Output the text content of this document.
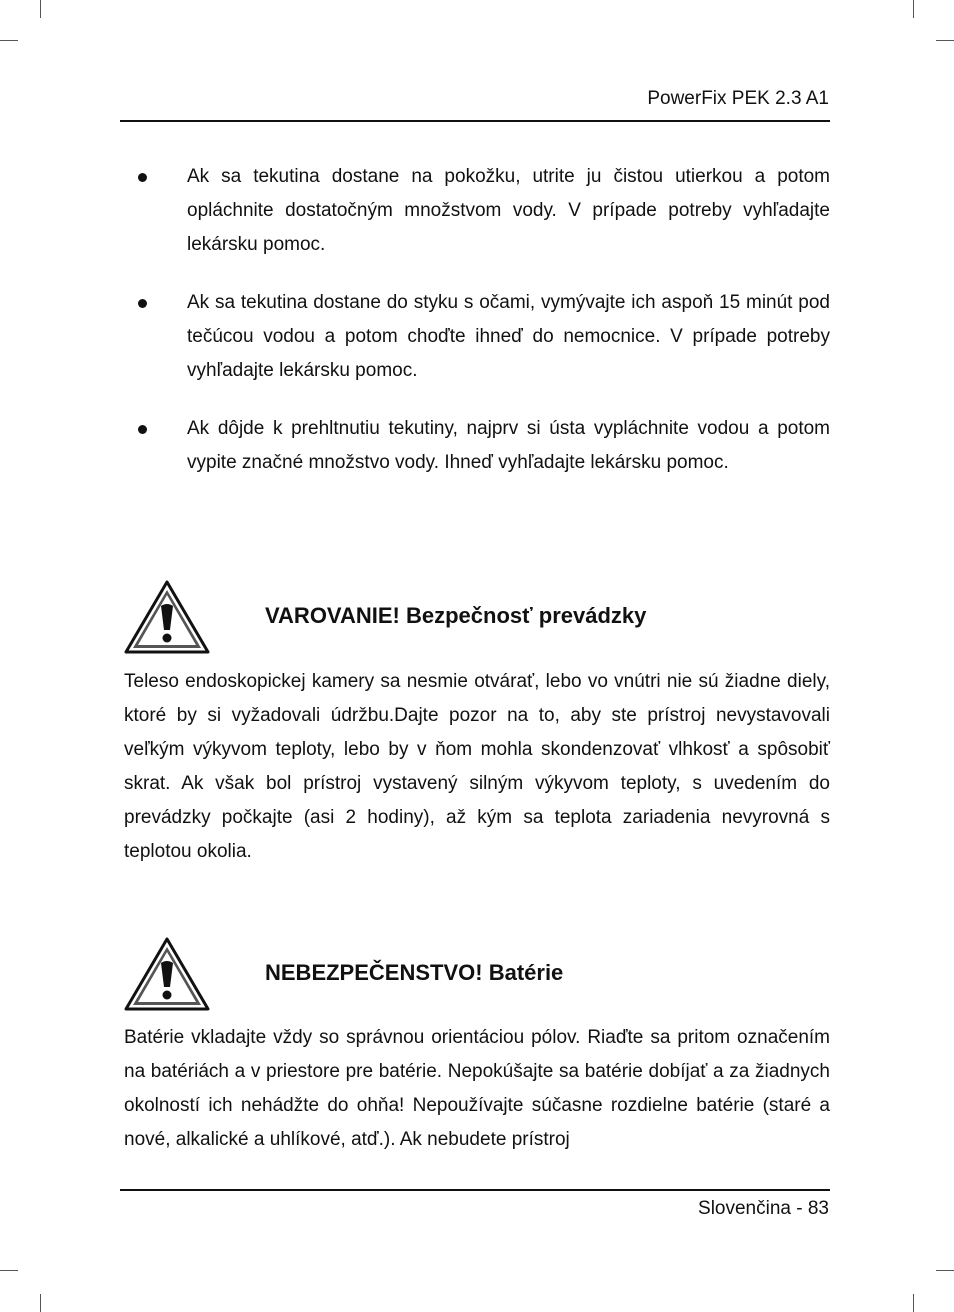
PowerFix PEK 2.3 A1
Ak sa tekutina dostane na pokožku, utrite ju čistou utierkou a potom opláchnite dostatočným množstvom vody. V prípade potreby vyhľadajte lekársku pomoc.
Ak sa tekutina dostane do styku s očami, vymývajte ich aspoň 15 minút pod tečúcou vodou a potom choďte ihneď do nemocnice. V prípade potreby vyhľadajte lekársku pomoc.
Ak dôjde k prehltnutiu tekutiny, najprv si ústa vypláchnite vodou a potom vypite značné množstvo vody. Ihneď vyhľadajte lekársku pomoc.
VAROVANIE! Bezpečnosť prevádzky
Teleso endoskopickej kamery sa nesmie otvárať, lebo vo vnútri nie sú žiadne diely, ktoré by si vyžadovali údržbu.Dajte pozor na to, aby ste prístroj nevystavovali veľkým výkyvom teploty, lebo by v ňom mohla skondenzovať vlhkosť a spôsobiť skrat. Ak však bol prístroj vystavený silným výkyvom teploty, s uvedením do prevádzky počkajte (asi 2 hodiny), až kým sa teplota zariadenia nevyrovná s teplotou okolia.
NEBEZPEČENSTVO! Batérie
Batérie vkladajte vždy so správnou orientáciou pólov. Riaďte sa pritom označením na batériách a v priestore pre batérie. Nepokúšajte sa batérie dobíjať a za žiadnych okolností ich nehádžte do ohňa! Nepoužívajte súčasne rozdielne batérie (staré a nové, alkalické a uhlíkové, atď.). Ak nebudete prístroj
Slovenčina - 83
